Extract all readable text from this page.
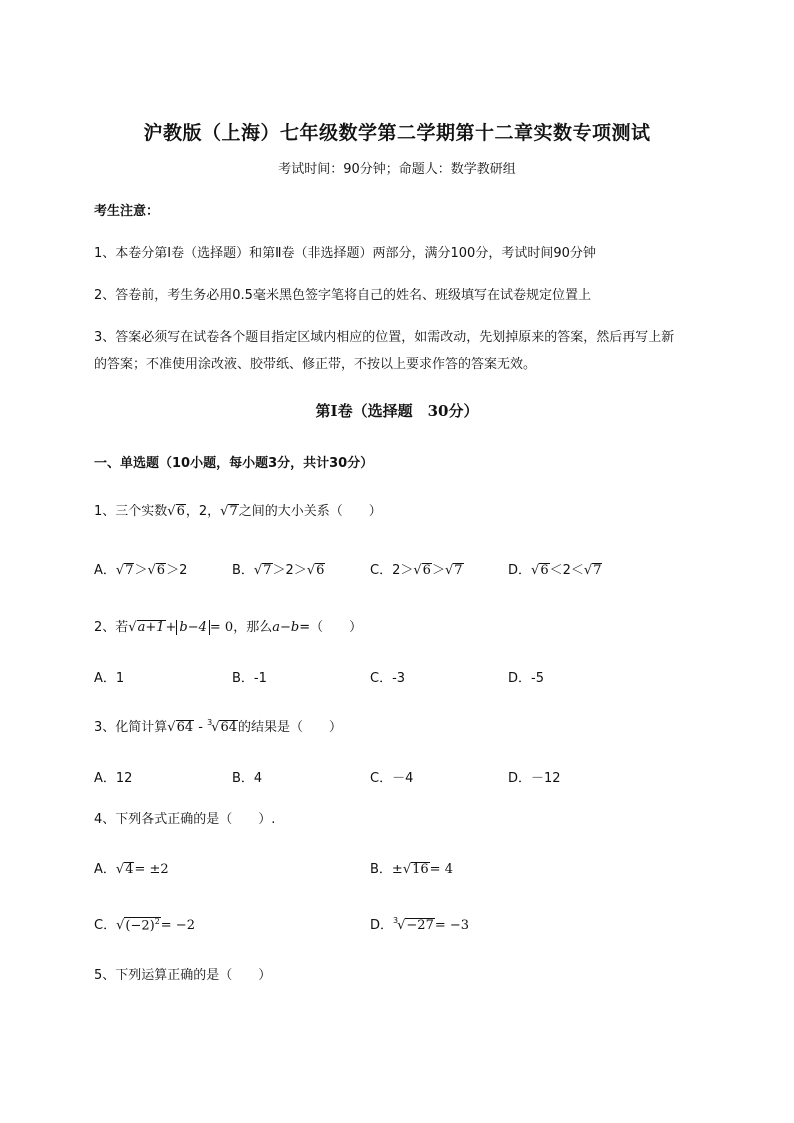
沪教版（上海）七年级数学第二学期第十二章实数专项测试
考试时间：90分钟；命题人：数学教研组
考生注意：
1、本卷分第Ⅰ卷（选择题）和第Ⅱ卷（非选择题）两部分，满分100分，考试时间90分钟
2、答卷前，考生务必用0.5毫米黑色签字笔将自己的姓名、班级填写在试卷规定位置上
3、答案必须写在试卷各个题目指定区域内相应的位置，如需改动，先划掉原来的答案，然后再写上新
的答案；不准使用涂改液、胶带纸、修正带，不按以上要求作答的答案无效。
第Ⅰ卷（选择题　30分）
一、单选题（10小题，每小题3分，共计30分）
1、三个实数√6，2，√7之间的大小关系（　　）
A．√7＞√6＞2	B．√7＞2＞√6	C．2＞√6＞√7	D．√6＜2＜√7
2、若√a+1+ b−4 = 0，那么a−b=（　　）
A．1	B．-1	C．-3	D．-5
3、化简计算√64 - $^3$√64的结果是（　　）
A．12	B．4	C．－4	D．－12
4、下列各式正确的是（　　）.
A．√4= ±2	B．±√16= 4
C．$√(-2)^2= -2$	D．$^3$√−27= −3
5、下列运算正确的是（　　）
